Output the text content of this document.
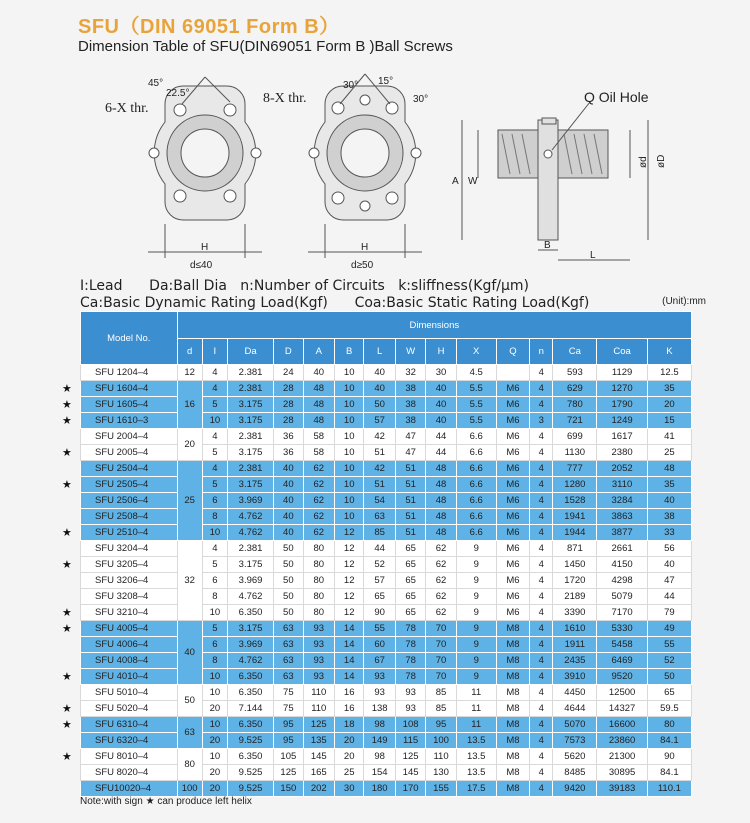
SFU（DIN 69051 Form B）
Dimension Table of SFU(DIN69051 Form B )Ball Screws
6-X thr.
45°
22.5°
H
d≤40
8-X thr.
30° 15°
30°
H
d≥50
Q Oil Hole
A W
B
L
ød øD
I:Lead      Da:Ball Dia   n:Number of Circuits   k:sliffness(Kgf/μm)
Ca:Basic Dynamic Rating Load(Kgf)      Coa:Basic Static Rating Load(Kgf)	(Unit):mm
★
★
★
★
★
★
★
★
★
★
★
★
★
Model No.	Dimensions														
	d	I	Da	D	A	B	L	W	H	X	Q	n	Ca	Coa	K
SFU 1204–4	12	4	2.381	24	40	10	40	32	30	4.5		4	593	1129	12.5
SFU 1604–4	16	4	2.381	28	48	10	40	38	40	5.5	M6	4	629	1270	35
SFU 1605–4		5	3.175	28	48	10	50	38	40	5.5	M6	4	780	1790	20
SFU 1610–3		10	3.175	28	48	10	57	38	40	5.5	M6	3	721	1249	15
SFU 2004–4	20	4	2.381	36	58	10	42	47	44	6.6	M6	4	699	1617	41
SFU 2005–4		5	3.175	36	58	10	51	47	44	6.6	M6	4	1130	2380	25
SFU 2504–4	25	4	2.381	40	62	10	42	51	48	6.6	M6	4	777	2052	48
SFU 2505–4		5	3.175	40	62	10	51	51	48	6.6	M6	4	1280	3110	35
SFU 2506–4		6	3.969	40	62	10	54	51	48	6.6	M6	4	1528	3284	40
SFU 2508–4		8	4.762	40	62	10	63	51	48	6.6	M6	4	1941	3863	38
SFU 2510–4		10	4.762	40	62	12	85	51	48	6.6	M6	4	1944	3877	33
SFU 3204–4	32	4	2.381	50	80	12	44	65	62	9	M6	4	871	2661	56
SFU 3205–4		5	3.175	50	80	12	52	65	62	9	M6	4	1450	4150	40
SFU 3206–4		6	3.969	50	80	12	57	65	62	9	M6	4	1720	4298	47
SFU 3208–4		8	4.762	50	80	12	65	65	62	9	M6	4	2189	5079	44
SFU 3210–4		10	6.350	50	80	12	90	65	62	9	M6	4	3390	7170	79
SFU 4005–4	40	5	3.175	63	93	14	55	78	70	9	M8	4	1610	5330	49
SFU 4006–4		6	3.969	63	93	14	60	78	70	9	M8	4	1911	5458	55
SFU 4008–4		8	4.762	63	93	14	67	78	70	9	M8	4	2435	6469	52
SFU 4010–4		10	6.350	63	93	14	93	78	70	9	M8	4	3910	9520	50
SFU 5010–4	50	10	6.350	75	110	16	93	93	85	11	M8	4	4450	12500	65
SFU 5020–4		20	7.144	75	110	16	138	93	85	11	M8	4	4644	14327	59.5
SFU 6310–4	63	10	6.350	95	125	18	98	108	95	11	M8	4	5070	16600	80
SFU 6320–4		20	9.525	95	135	20	149	115	100	13.5	M8	4	7573	23860	84.1
SFU 8010–4	80	10	6.350	105	145	20	98	125	110	13.5	M8	4	5620	21300	90
SFU 8020–4		20	9.525	125	165	25	154	145	130	13.5	M8	4	8485	30895	84.1
SFU10020–4	100	20	9.525	150	202	30	180	170	155	17.5	M8	4	9420	39183	110.1
Note:with sign ★ can produce left helix
